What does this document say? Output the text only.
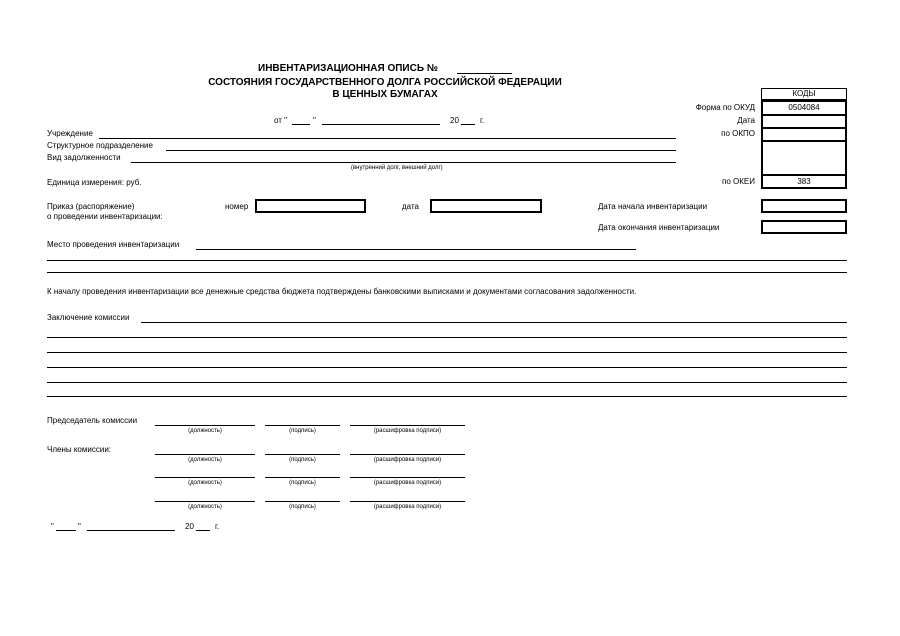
ИНВЕНТАРИЗАЦИОННАЯ ОПИСЬ №
СОСТОЯНИЯ ГОСУДАРСТВЕННОГО ДОЛГА РОССИЙСКОЙ ФЕДЕРАЦИИ
В ЦЕННЫХ БУМАГАХ
от "	"	20	г.
КОДЫ
Форма по ОКУД	0504084
Дата
по ОКПО
по ОКЕИ	383
Учреждение
Структурное подразделение
Вид задолженности
(внутренний долг, внешний долг)
Единица измерения: руб.
Приказ (распоряжение)
о проведении инвентаризации:
номер	дата	Дата начала инвентаризации
Дата окончания инвентаризации
Место проведения инвентаризации
К началу проведения инвентаризации все денежные средства бюджета подтверждены банковскими выписками и документами согласования задолженности.
Заключение комиссии
Председатель комиссии
(должность)	(подпись)	(расшифровка подписи)
Члены комиссии:
(должность)	(подпись)	(расшифровка подписи)
(должность)	(подпись)	(расшифровка подписи)
(должность)	(подпись)	(расшифровка подписи)
"	"	20	г.
